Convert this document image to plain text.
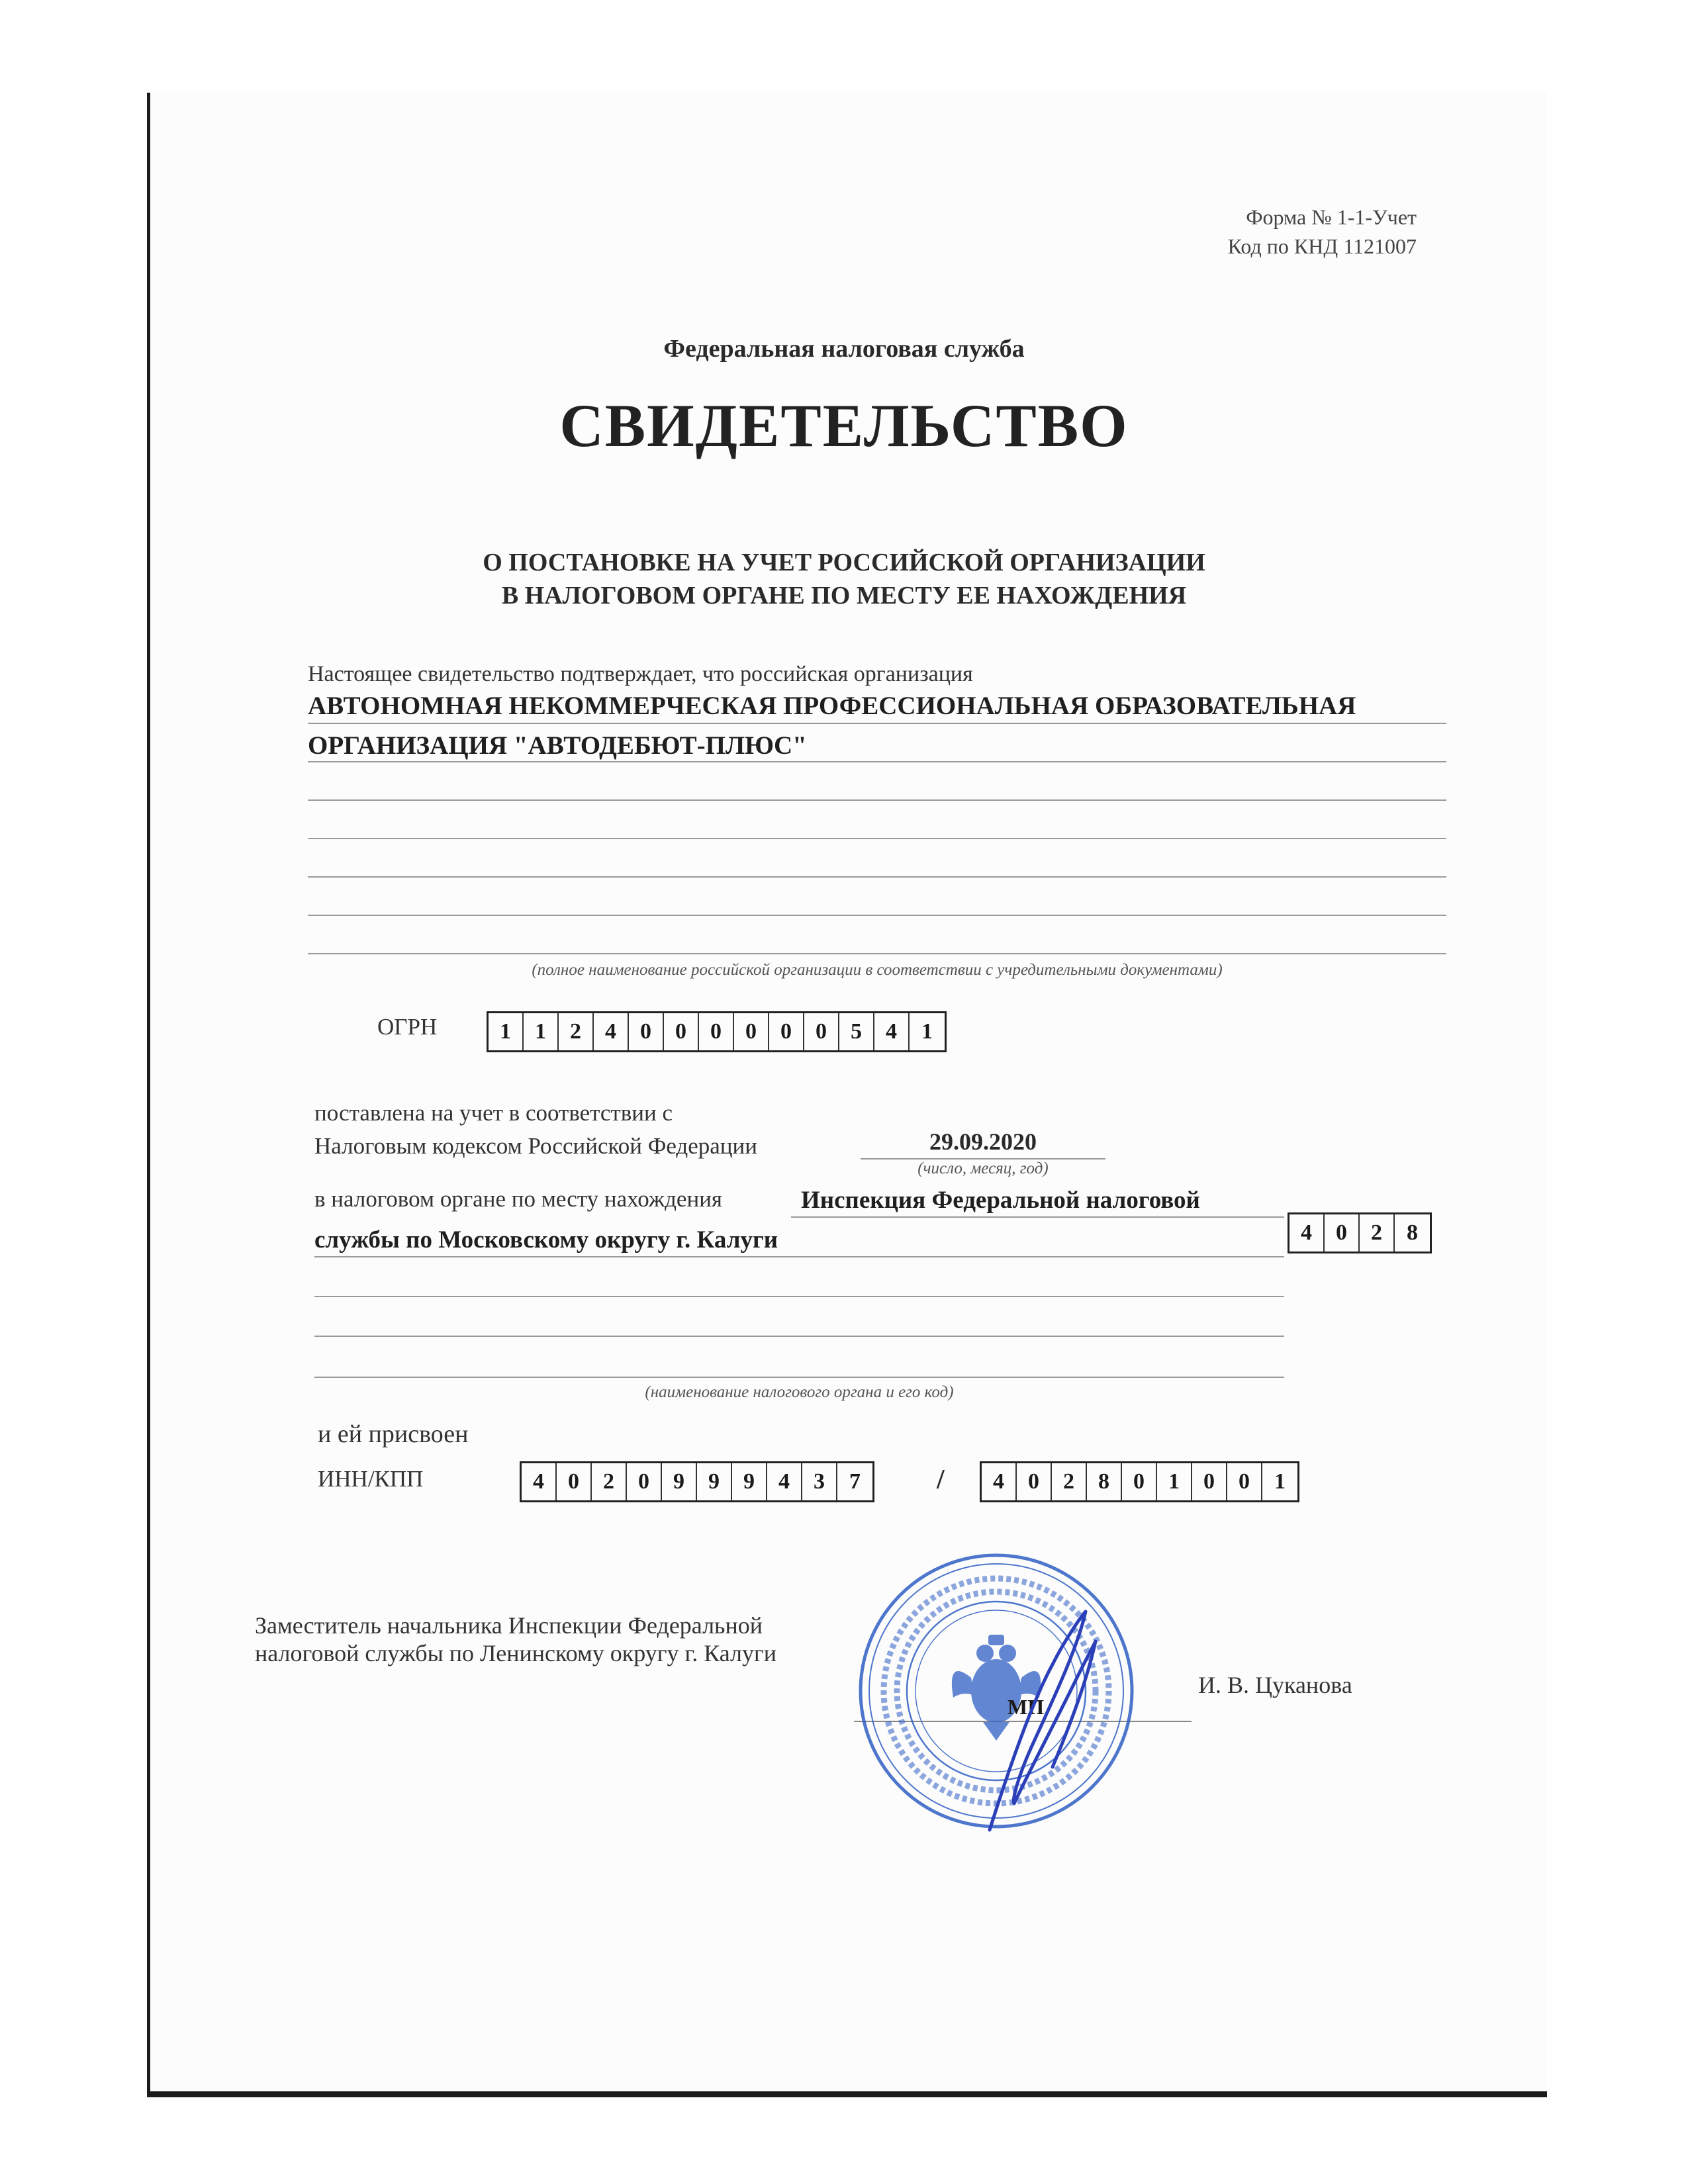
Форма № 1-1-Учет
Код по КНД 1121007
Федеральная налоговая служба
СВИДЕТЕЛЬСТВО
О ПОСТАНОВКЕ НА УЧЕТ РОССИЙСКОЙ ОРГАНИЗАЦИИ
В НАЛОГОВОМ ОРГАНЕ ПО МЕСТУ ЕЕ НАХОЖДЕНИЯ
Настоящее свидетельство подтверждает, что российская организация
АВТОНОМНАЯ НЕКОММЕРЧЕСКАЯ ПРОФЕССИОНАЛЬНАЯ ОБРАЗОВАТЕЛЬНАЯ
ОРГАНИЗАЦИЯ "АВТОДЕБЮТ-ПЛЮС"
(полное наименование российской организации в соответствии с учредительными документами)
ОГРН	1	1	2	4	0	0	0	0	0	0	5	4	1
поставлена на учет в соответствии с
Налоговым кодексом Российской Федерации	29.09.2020
(число, месяц, год)
в налоговом органе по месту нахождения	Инспекция Федеральной налоговой
службы по Московскому округу г. Калуги	4	0	2	8
(наименование налогового органа и его код)
и ей присвоен
ИНН/КПП	4	0	2	0	9	9	9	4	3	7	/	4	0	2	8	0	1	0	0	1
Заместитель начальника Инспекции Федеральной
налоговой службы по Ленинскому округу г. Калуги
МП
И. В. Цуканова
